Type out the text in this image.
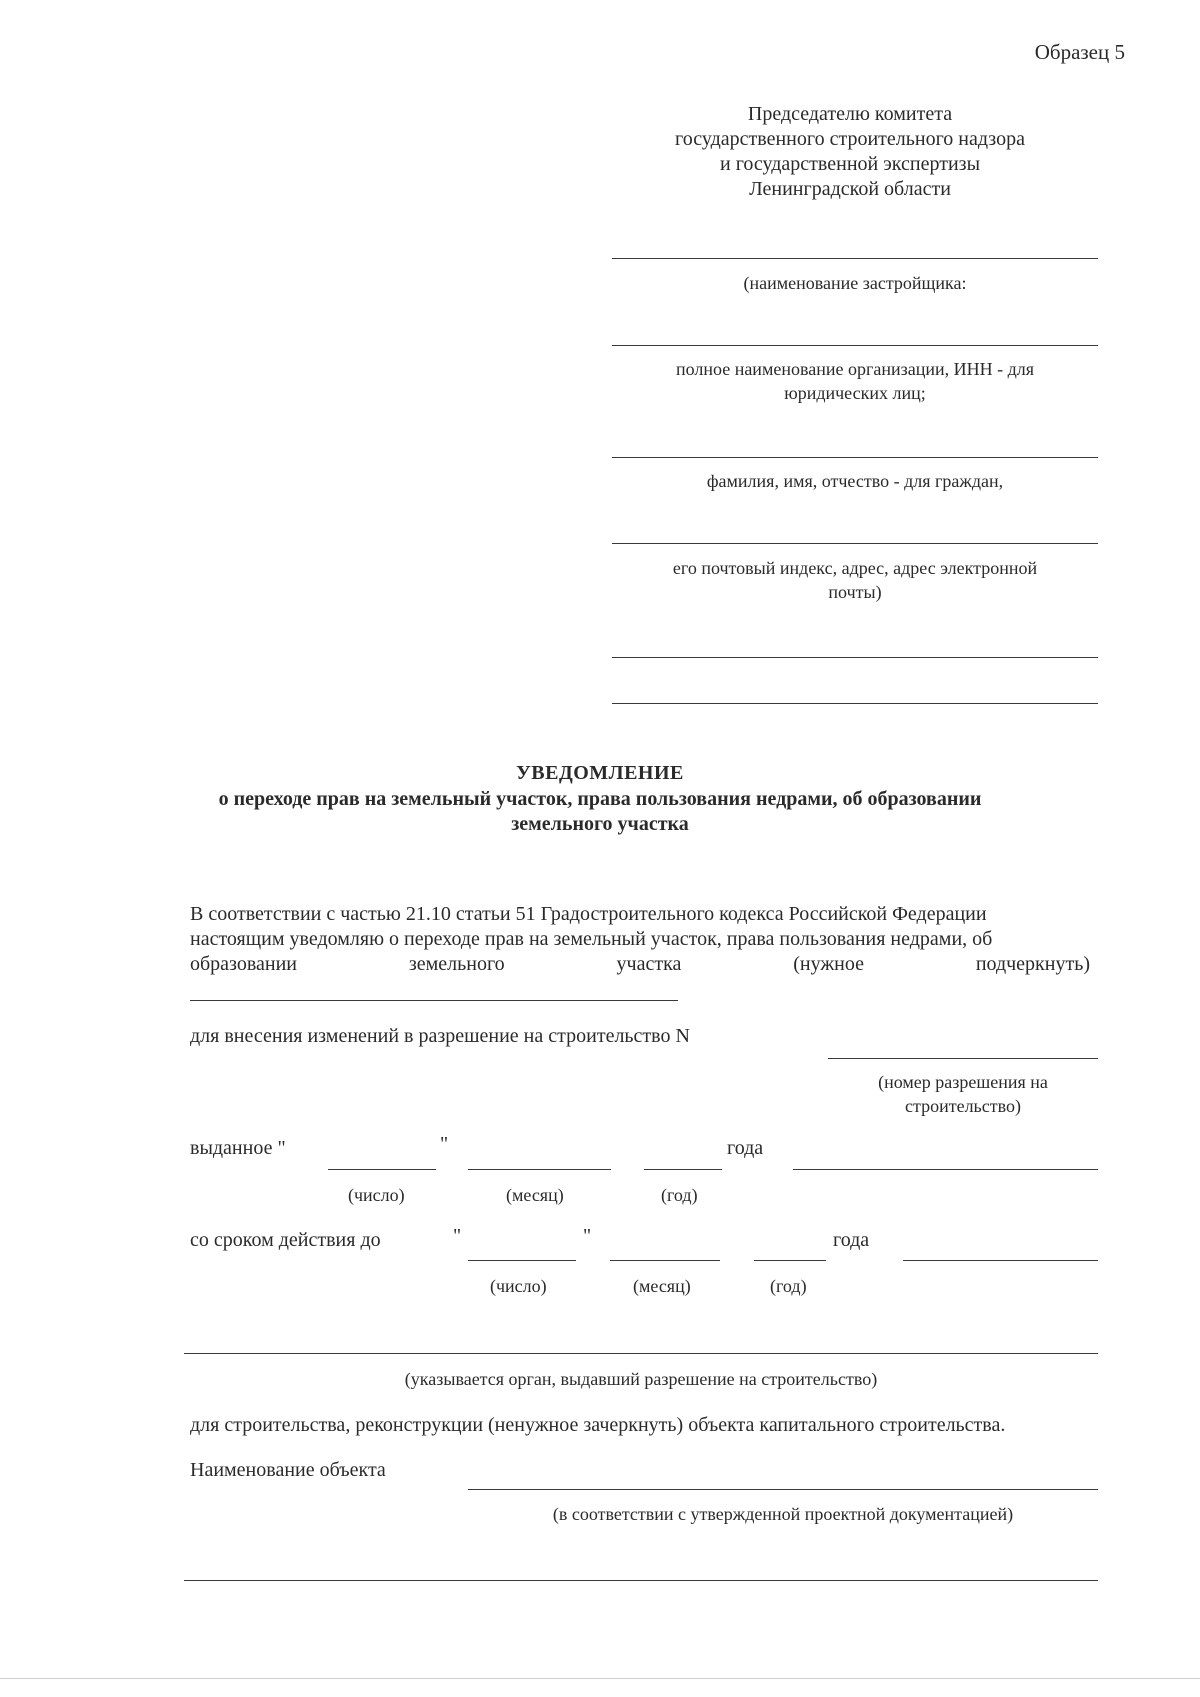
Образец 5
Председателю комитета
государственного строительного надзора
и государственной экспертизы
Ленинградской области
(наименование застройщика:
полное наименование организации, ИНН - для
юридических лиц;
фамилия, имя, отчество - для граждан,
его почтовый индекс, адрес, адрес электронной
почты)
УВЕДОМЛЕНИЕ
о переходе прав на земельный участок, права пользования недрами, об образовании
земельного участка
В соответствии с частью 21.10 статьи 51 Градостроительного кодекса Российской Федерации
настоящим уведомляю о переходе прав на земельный участок, права пользования недрами, об
образовании	земельного	участка	(нужное	подчеркнуть)
для внесения изменений в разрешение на строительство N
(номер разрешения на
строительство)
выданное "	"	года
(число)	(месяц)	(год)
со сроком действия до	"	"	года
(число)	(месяц)	(год)
(указывается орган, выдавший разрешение на строительство)
для строительства, реконструкции (ненужное зачеркнуть) объекта капитального строительства.
Наименование объекта
(в соответствии с утвержденной проектной документацией)
